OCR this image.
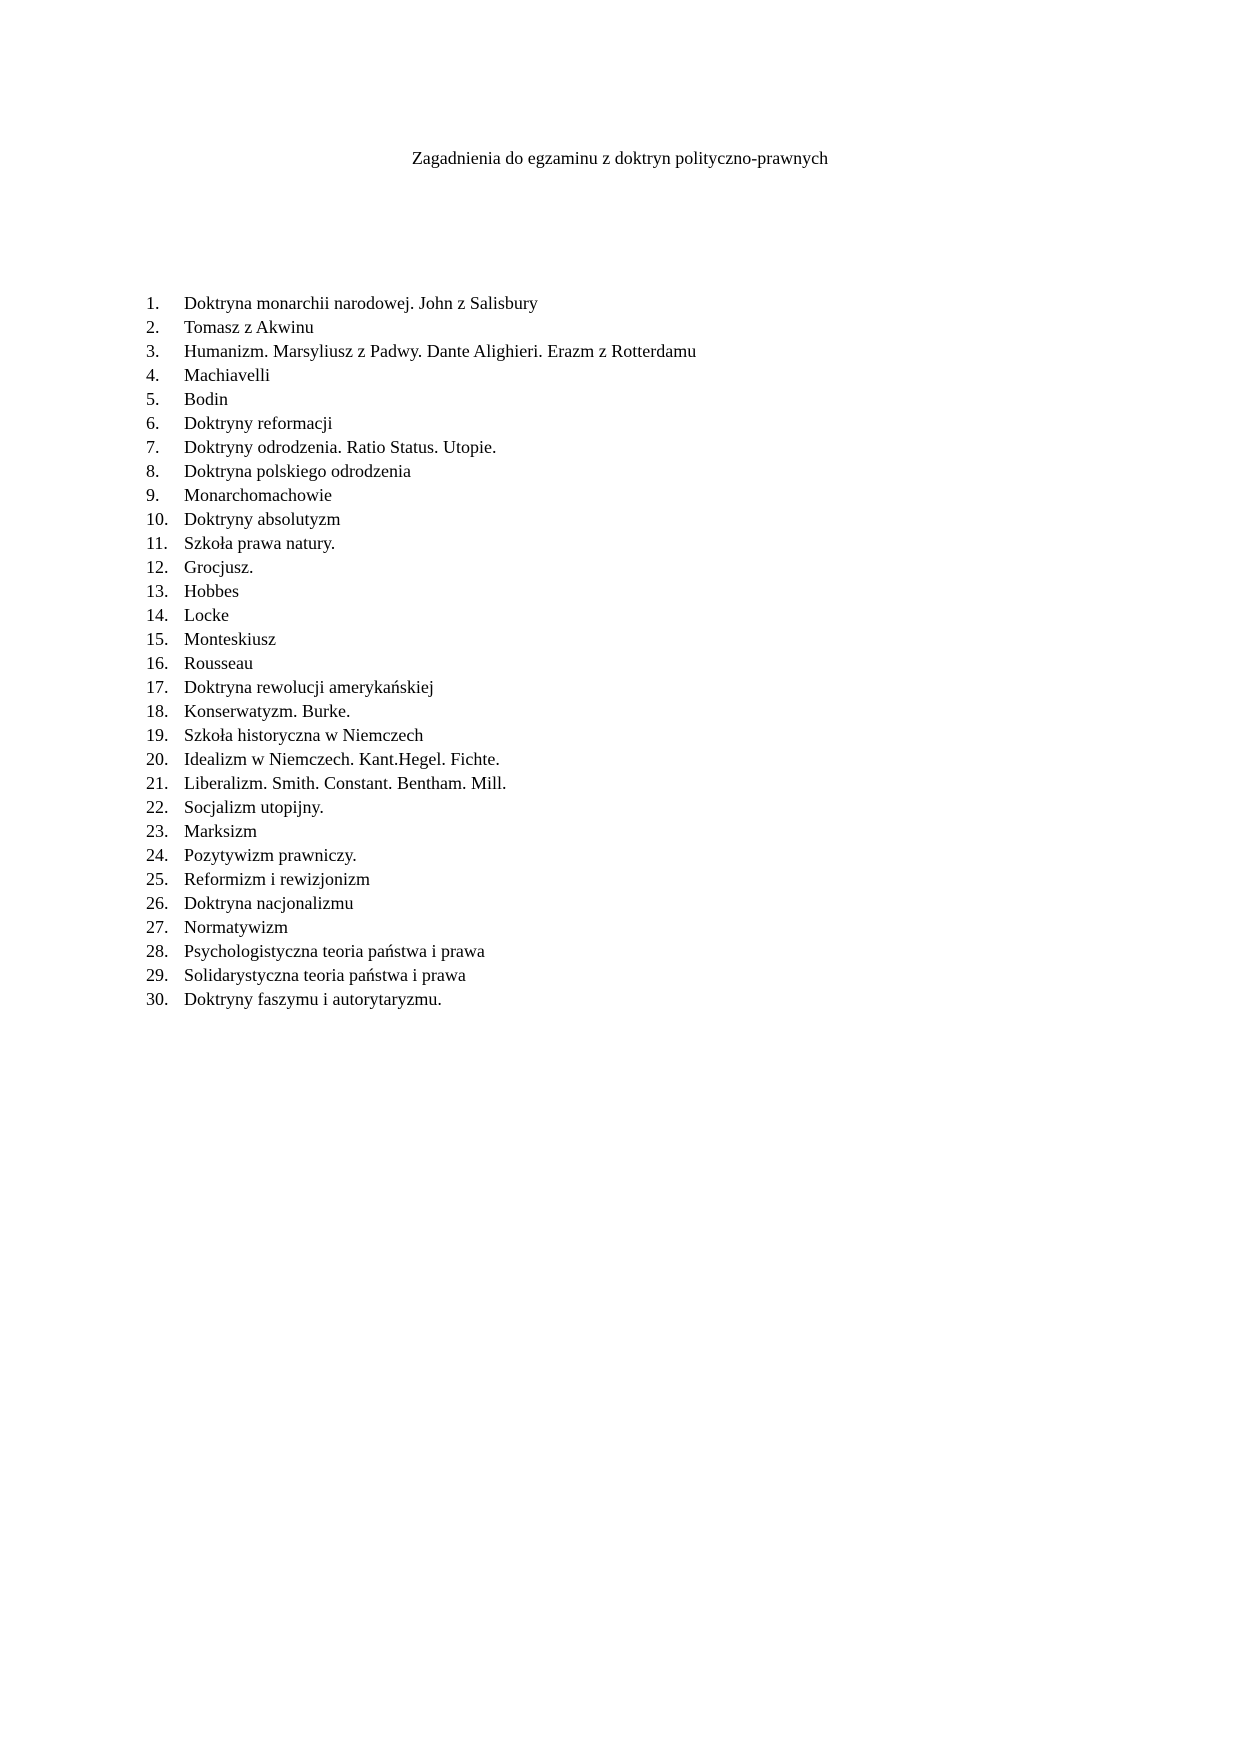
Zagadnienia do egzaminu z doktryn polityczno-prawnych
1.	Doktryna monarchii narodowej. John z Salisbury
2.	Tomasz z Akwinu
3.	Humanizm. Marsyliusz z Padwy. Dante Alighieri. Erazm z Rotterdamu
4.	Machiavelli
5.	Bodin
6.	Doktryny reformacji
7.	Doktryny odrodzenia. Ratio Status. Utopie.
8.	Doktryna polskiego odrodzenia
9.	Monarchomachowie
10. Doktryny absolutyzm
11. Szkoła prawa natury.
12. Grocjusz.
13. Hobbes
14. Locke
15. Monteskiusz
16. Rousseau
17. Doktryna rewolucji amerykańskiej
18. Konserwatyzm. Burke.
19. Szkoła historyczna w Niemczech
20. Idealizm w Niemczech. Kant.Hegel. Fichte.
21. Liberalizm. Smith. Constant. Bentham. Mill.
22. Socjalizm utopijny.
23. Marksizm
24. Pozytywizm prawniczy.
25. Reformizm i rewizjonizm
26. Doktryna nacjonalizmu
27. Normatywizm
28. Psychologistyczna teoria państwa i prawa
29. Solidarystyczna teoria państwa i prawa
30. Doktryny faszymu i autorytaryzmu.
